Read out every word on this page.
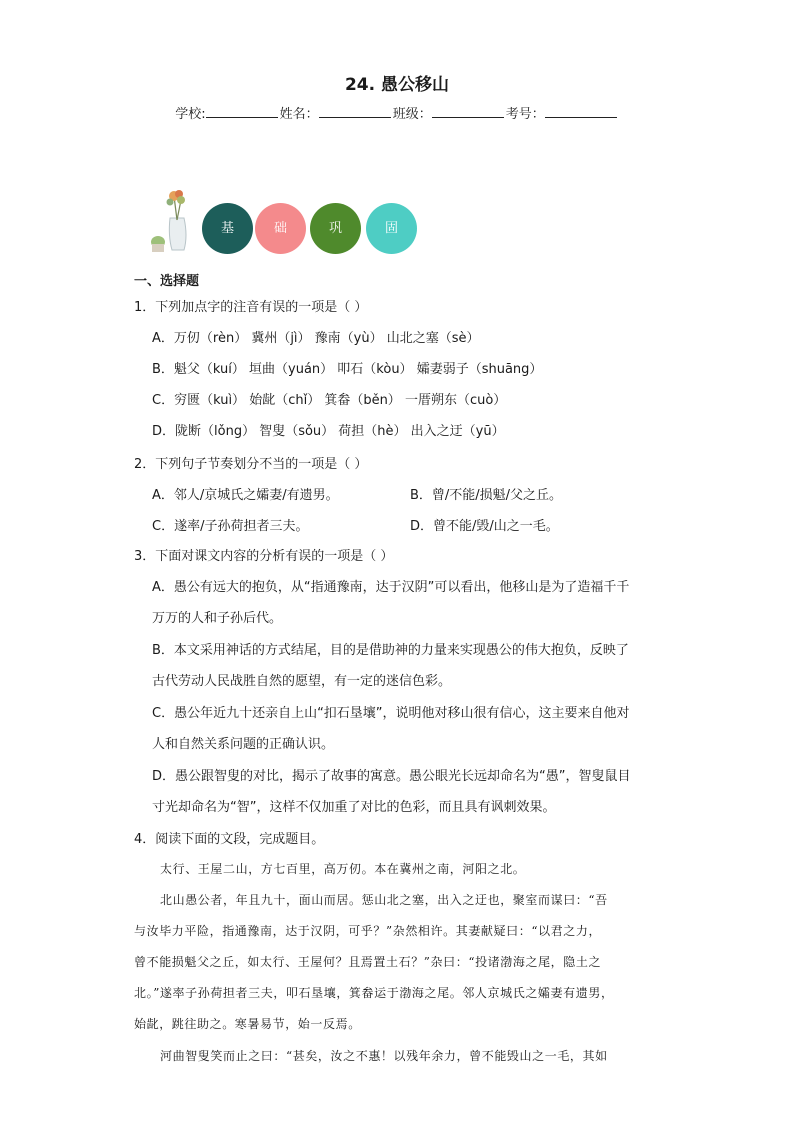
24. 愚公移山
学校:	姓名：	班级：	考号：
基	础	巩	固
一、选择题
1．下列加点字的注音有误的一项是（ ）
A．万仞（rèn） 冀州（jì） 豫南（yù） 山北之塞（sè）
B．魁父（kuí） 垣曲（yuán） 叩石（kòu） 孀妻弱子（shuāng）
C．穷匮（kuì） 始龀（chǐ） 箕畚（běn） 一厝朔东（cuò）
D．陇断（lǒng） 智叟（sǒu） 荷担（hè） 出入之迂（yū）
2．下列句子节奏划分不当的一项是（ ）
A．邻人/京城氏之孀妻/有遗男。	B．曾/不能/损魁/父之丘。
C．遂率/子孙荷担者三夫。	D．曾不能/毁/山之一毛。
3．下面对课文内容的分析有误的一项是（ ）
A．愚公有远大的抱负，从“指通豫南，达于汉阴”可以看出，他移山是为了造福千千
万万的人和子孙后代。
B．本文采用神话的方式结尾，目的是借助神的力量来实现愚公的伟大抱负，反映了
古代劳动人民战胜自然的愿望，有一定的迷信色彩。
C．愚公年近九十还亲自上山“扣石垦壤”，说明他对移山很有信心，这主要来自他对
人和自然关系问题的正确认识。
D．愚公跟智叟的对比，揭示了故事的寓意。愚公眼光长远却命名为“愚”，智叟鼠目
寸光却命名为“智”，这样不仅加重了对比的色彩，而且具有讽刺效果。
4．阅读下面的文段，完成题目。
太行、王屋二山，方七百里，高万仞。本在冀州之南，河阳之北。
北山愚公者，年且九十，面山而居。惩山北之塞，出入之迂也，聚室而谋曰：“吾
与汝毕力平险，指通豫南，达于汉阴，可乎？”杂然相许。其妻献疑曰：“以君之力，
曾不能损魁父之丘，如太行、王屋何？且焉置土石？”杂曰：“投诸渤海之尾，隐土之
北。”遂率子孙荷担者三夫，叩石垦壤，箕畚运于渤海之尾。邻人京城氏之孀妻有遗男，
始龀，跳往助之。寒暑易节，始一反焉。
河曲智叟笑而止之曰：“甚矣，汝之不惠！以残年余力，曾不能毁山之一毛，其如
